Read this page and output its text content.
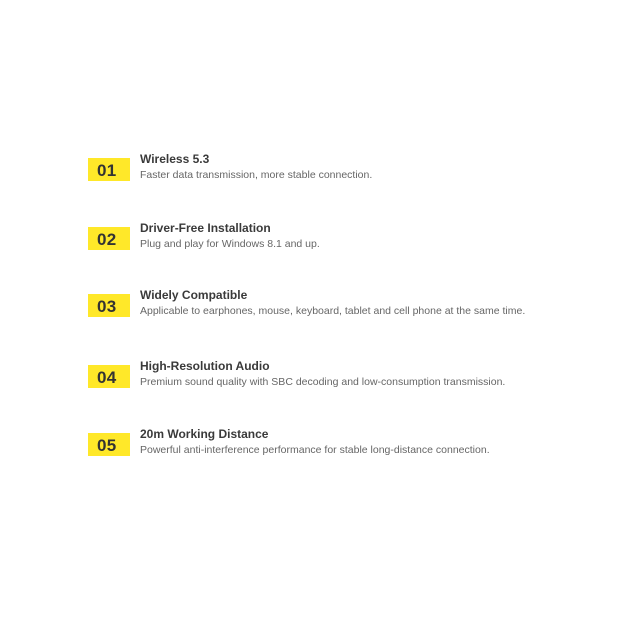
01
Wireless 5.3
Faster data transmission, more stable connection.
02
Driver-Free Installation
Plug and play for Windows 8.1 and up.
03
Widely Compatible
Applicable to earphones, mouse, keyboard, tablet and cell phone at the same time.
04
High-Resolution Audio
Premium sound quality with SBC decoding and low-consumption transmission.
05
20m Working Distance
Powerful anti-interference performance for stable long-distance connection.
